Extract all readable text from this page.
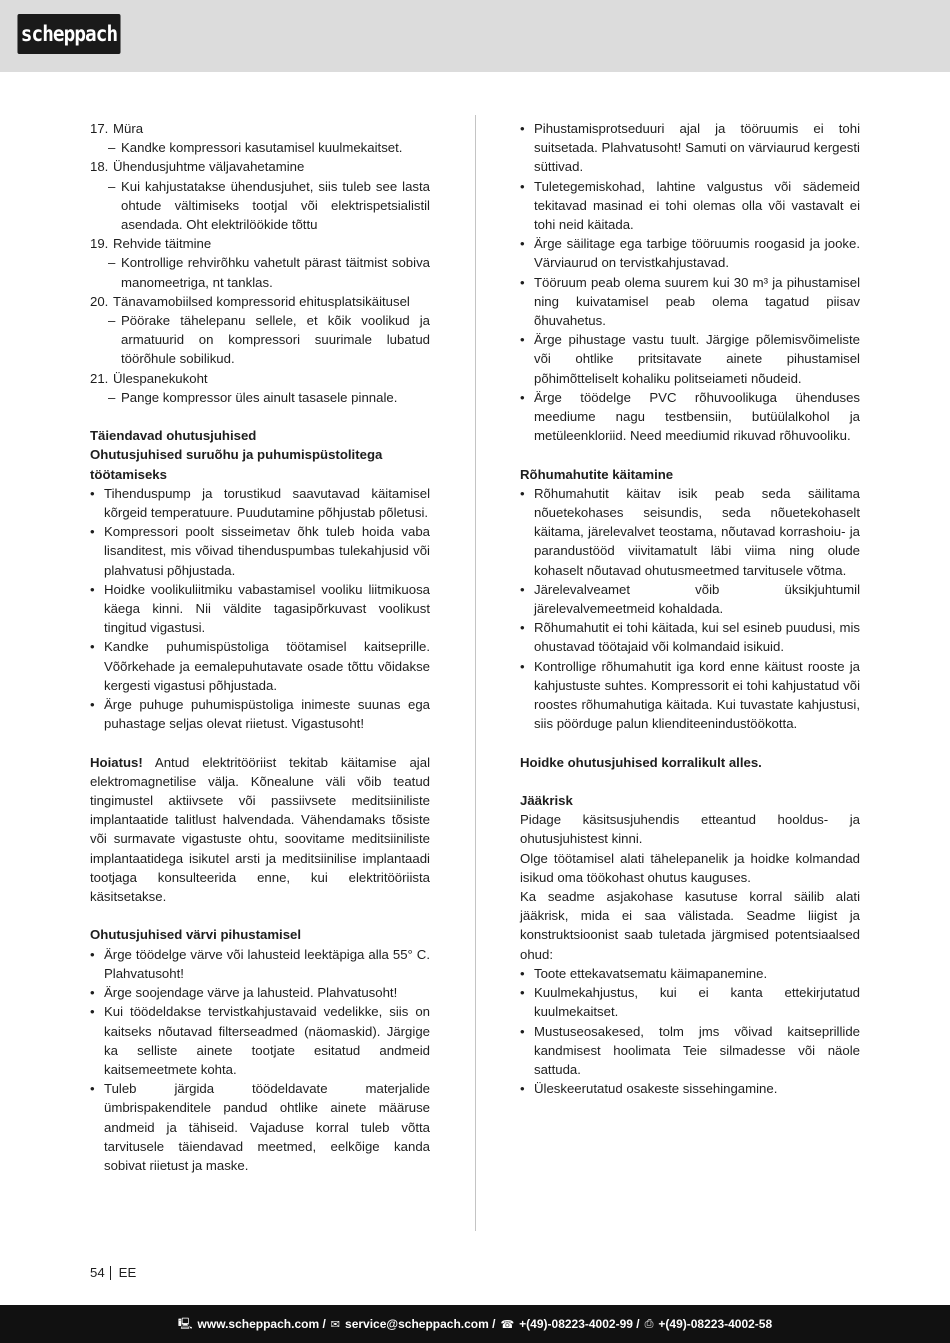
scheppach
17. Müra
– Kandke kompressori kasutamisel kuulmekaitset.
18. Ühendusjuhtme väljavahetamine
– Kui kahjustatakse ühendusjuhet, siis tuleb see lasta ohtude vältimiseks tootjal või elektrispetsialistil asendada. Oht elektrilöökide tõttu
19. Rehvide täitmine
– Kontrollige rehvirõhku vahetult pärast täitmist sobiva manomeetriga, nt tanklas.
20. Tänavamobiilsed kompressorid ehitusplatsikäitusel
– Pöörake tähelepanu sellele, et kõik voolikud ja armatuurid on kompressori suurimale lubatud töörõhule sobilikud.
21. Ülespanekukoht
– Pange kompressor üles ainult tasasele pinnale.
Täiendavad ohutusjuhised
Ohutusjuhised suruõhu ja puhumispüstolitega töötamiseks
• Tihenduspump ja torustikud saavutavad käitamisel kõrgeid temperatuure. Puudutamine põhjustab põletusi.
• Kompressori poolt sisseimetav õhk tuleb hoida vaba lisanditest, mis võivad tihenduspumbas tulekahjusid või plahvatusi põhjustada.
• Hoidke voolikuliitmiku vabastamisel vooliku liitmikuosa käega kinni. Nii väldite tagasipõrkuvast voolikust tingitud vigastusi.
• Kandke puhumispüstoliga töötamisel kaitseprille. Võõrkehade ja eemalepuhutavate osade tõttu võidakse kergesti vigastusi põhjustada.
• Ärge puhuge puhumispüstoliga inimeste suunas ega puhastage seljas olevat riietust. Vigastusoht!
Hoiatus! Antud elektritööriist tekitab käitamise ajal elektromagnetilise välja. Kõnealune väli võib teatud tingimustel aktiivsete või passiivsete meditsiiniliste implantaatide talitlust halvendada. Vähendamaks tõsiste või surmavate vigastuste ohtu, soovitame meditsiiniliste implantaatidega isikutel arsti ja meditsiinilise implantaadi tootjaga konsulteerida enne, kui elektritööriista käsitsetakse.
Ohutusjuhised värvi pihustamisel
• Ärge töödelge värve või lahusteid leektäpiga alla 55° C. Plahvatusoht!
• Ärge soojendage värve ja lahusteid. Plahvatusoht!
• Kui töödeldakse tervistkahjustavaid vedelikke, siis on kaitseks nõutavad filterseadmed (näomaskid). Järgige ka selliste ainete tootjate esitatud andmeid kaitsemeetmete kohta.
• Tuleb järgida töödeldavate materjalide ümbrispakenditele pandud ohtlike ainete määruse andmeid ja tähiseid. Vajaduse korral tuleb võtta tarvitusele täiendavad meetmed, eelkõige kanda sobivat riietust ja maske.
• Pihustamisprotseduuri ajal ja tööruumis ei tohi suitsetada. Plahvatusoht! Samuti on värviaurud kergesti süttivad.
• Tuletegemiskohad, lahtine valgustus või sädemeid tekitavad masinad ei tohi olemas olla või vastavalt ei tohi neid käitada.
• Ärge säilitage ega tarbige tööruumis roogasid ja jooke. Värviaurud on tervistkahjustavad.
• Tööruum peab olema suurem kui 30 m³ ja pihustamisel ning kuivatamisel peab olema tagatud piisav õhuvahetus.
• Ärge pihustage vastu tuult. Järgige põlemisvõimeliste või ohtlike pritsitavate ainete pihustamisel põhimõtteliselt kohaliku politseiameti nõudeid.
• Ärge töödelge PVC rõhuvoolikuga ühenduses meediume nagu testbensiin, butüülalkohol ja metüleenkloriid. Need meediumid rikuvad rõhuvooliku.
Rõhumahutite käitamine
• Rõhumahutit käitav isik peab seda säilitama nõuetekohases seisundis, seda nõuetekohaselt käitama, järelevalvet teostama, nõutavad korrashoiu- ja parandustööd viivitamatult läbi viima ning olude kohaselt nõutavad ohutusmeetmed tarvitusele võtma.
• Järelevalveamet võib üksikjuhtumil järelevalvemeetmeid kohaldada.
• Rõhumahutit ei tohi käitada, kui sel esineb puudusi, mis ohustavad töötajaid või kolmandaid isikuid.
• Kontrollige rõhumahutit iga kord enne käitust rooste ja kahjustuste suhtes. Kompressorit ei tohi kahjustatud või roostes rõhumahutiga käitada. Kui tuvastate kahjustusi, siis pöörduge palun klienditeenindustöökotta.
Hoidke ohutusjuhised korralikult alles.
Jääkrisk
Pidage käsitsusjuhendis etteantud hooldus- ja ohutusjuhistest kinni.
Olge töötamisel alati tähelepanelik ja hoidke kolmandad isikud oma töökohast ohutus kauguses.
Ka seadme asjakohase kasutuse korral säilib alati jääkrisk, mida ei saa välistada. Seadme liigist ja konstruktsioonist saab tuletada järgmised potentsiaalsed ohud:
• Toote ettekavatsematu käimapanemine.
• Kuulmekahjustus, kui ei kanta ettekirjutatud kuulmekaitset.
• Mustuseosakesed, tolm jms võivad kaitseprillide kandmisest hoolimata Teie silmadesse või näole sattuda.
• Üleskeerutatud osakeste sissehingamine.
54 EE
🖳 www.scheppach.com / ✉ service@scheppach.com / ☎ +(49)-08223-4002-99 / ⎙ +(49)-08223-4002-58
